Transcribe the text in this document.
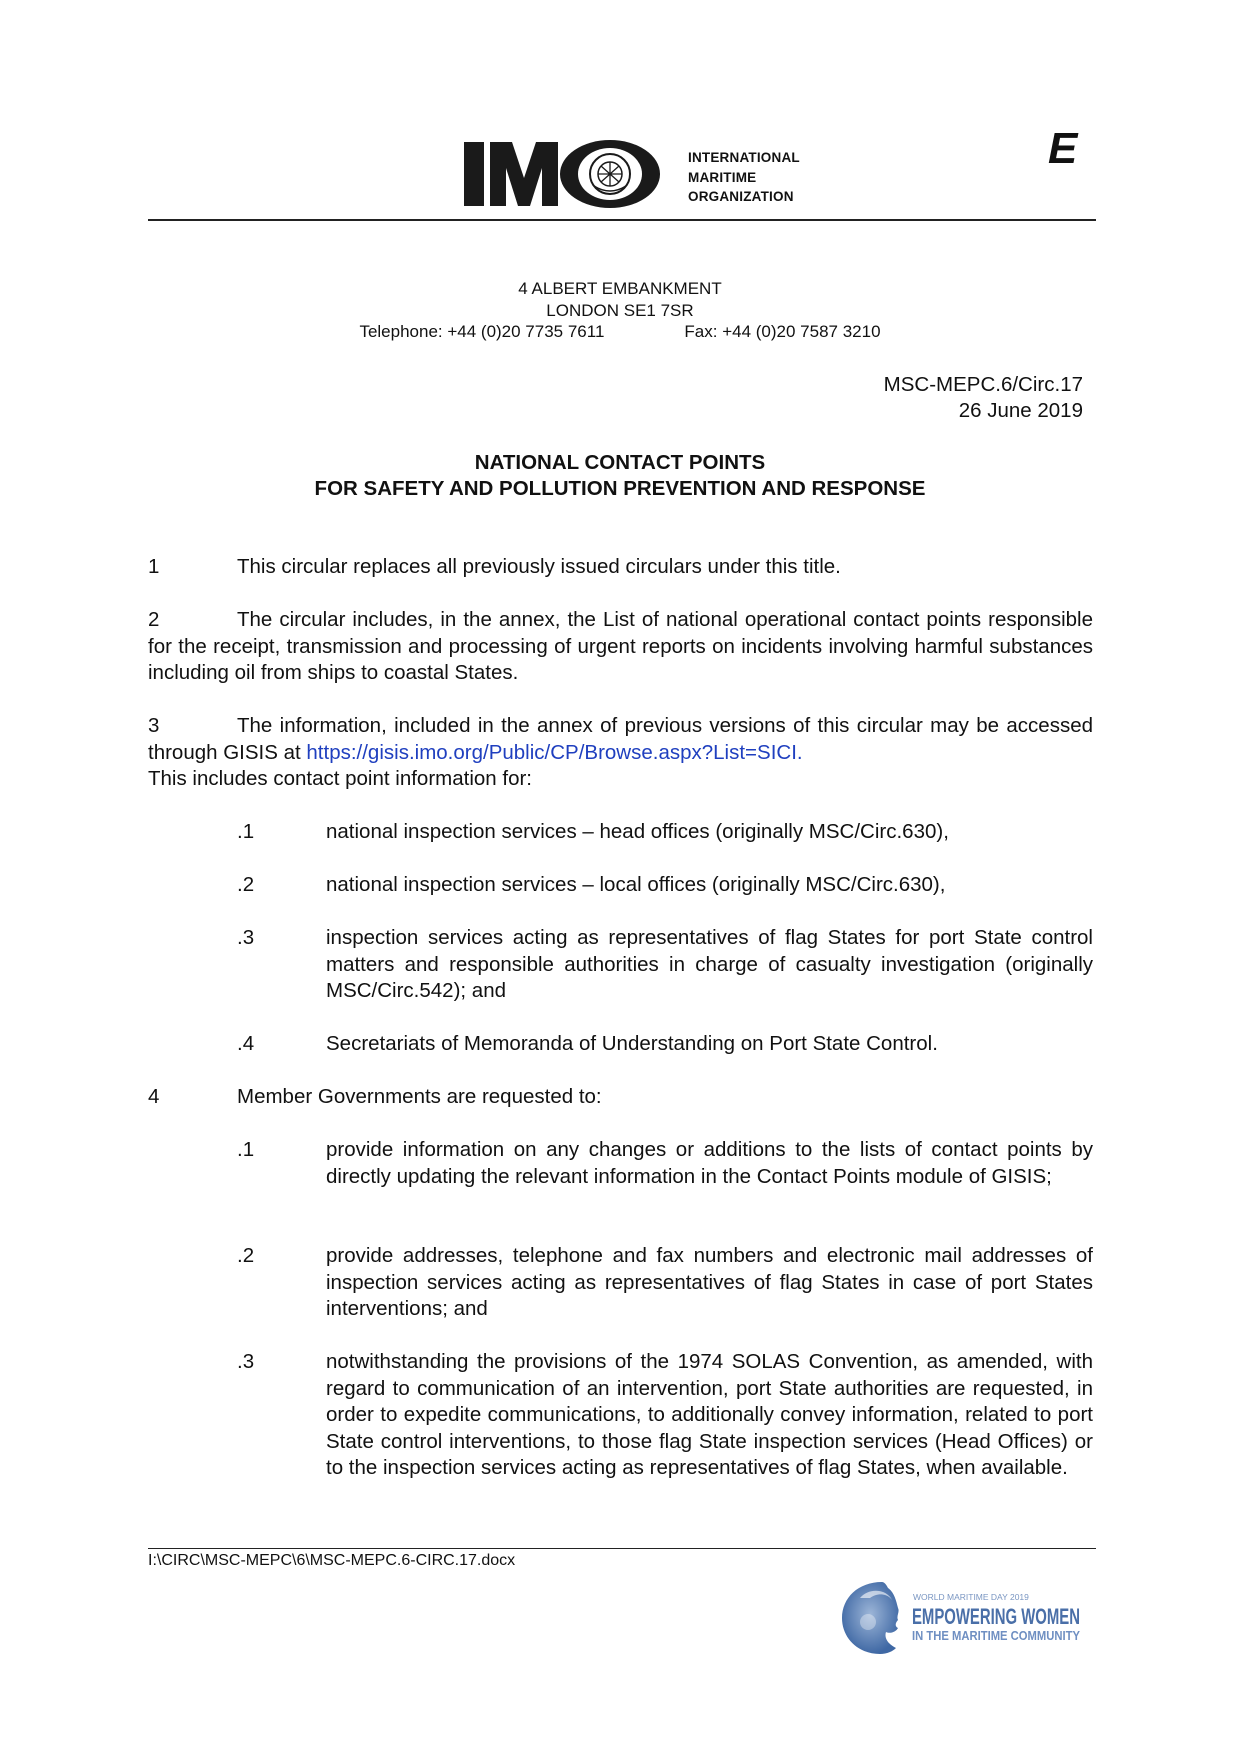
INTERNATIONAL
MARITIME
ORGANIZATION
E
4 ALBERT EMBANKMENT
LONDON SE1 7SR
Telephone: +44 (0)20 7735 7611	Fax: +44 (0)20 7587 3210
MSC-MEPC.6/Circ.17
26 June 2019
NATIONAL CONTACT POINTS
FOR SAFETY AND POLLUTION PREVENTION AND RESPONSE
1	This circular replaces all previously issued circulars under this title.
2	The circular includes, in the annex, the List of national operational contact points responsible for the receipt, transmission and processing of urgent reports on incidents involving harmful substances including oil from ships to coastal States.
3	The information, included in the annex of previous versions of this circular may be accessed through GISIS at https://gisis.imo.org/Public/CP/Browse.aspx?List=SICI.
This includes contact point information for:
.1	national inspection services – head offices (originally MSC/Circ.630),
.2	national inspection services – local offices (originally MSC/Circ.630),
.3	inspection services acting as representatives of flag States for port State control matters and responsible authorities in charge of casualty investigation (originally MSC/Circ.542); and
.4	Secretariats of Memoranda of Understanding on Port State Control.
4	Member Governments are requested to:
.1	provide information on any changes or additions to the lists of contact points by directly updating the relevant information in the Contact Points module of GISIS;
.2	provide addresses, telephone and fax numbers and electronic mail addresses of inspection services acting as representatives of flag States in case of port States interventions; and
.3	notwithstanding the provisions of the 1974 SOLAS Convention, as amended, with regard to communication of an intervention, port State authorities are requested, in order to expedite communications, to additionally convey information, related to port State control interventions, to those flag State inspection services (Head Offices) or to the inspection services acting as representatives of flag States, when available.
I:\CIRC\MSC-MEPC\6\MSC-MEPC.6-CIRC.17.docx
WORLD MARITIME DAY 2019
EMPOWERING WOMEN
IN THE MARITIME COMMUNITY
